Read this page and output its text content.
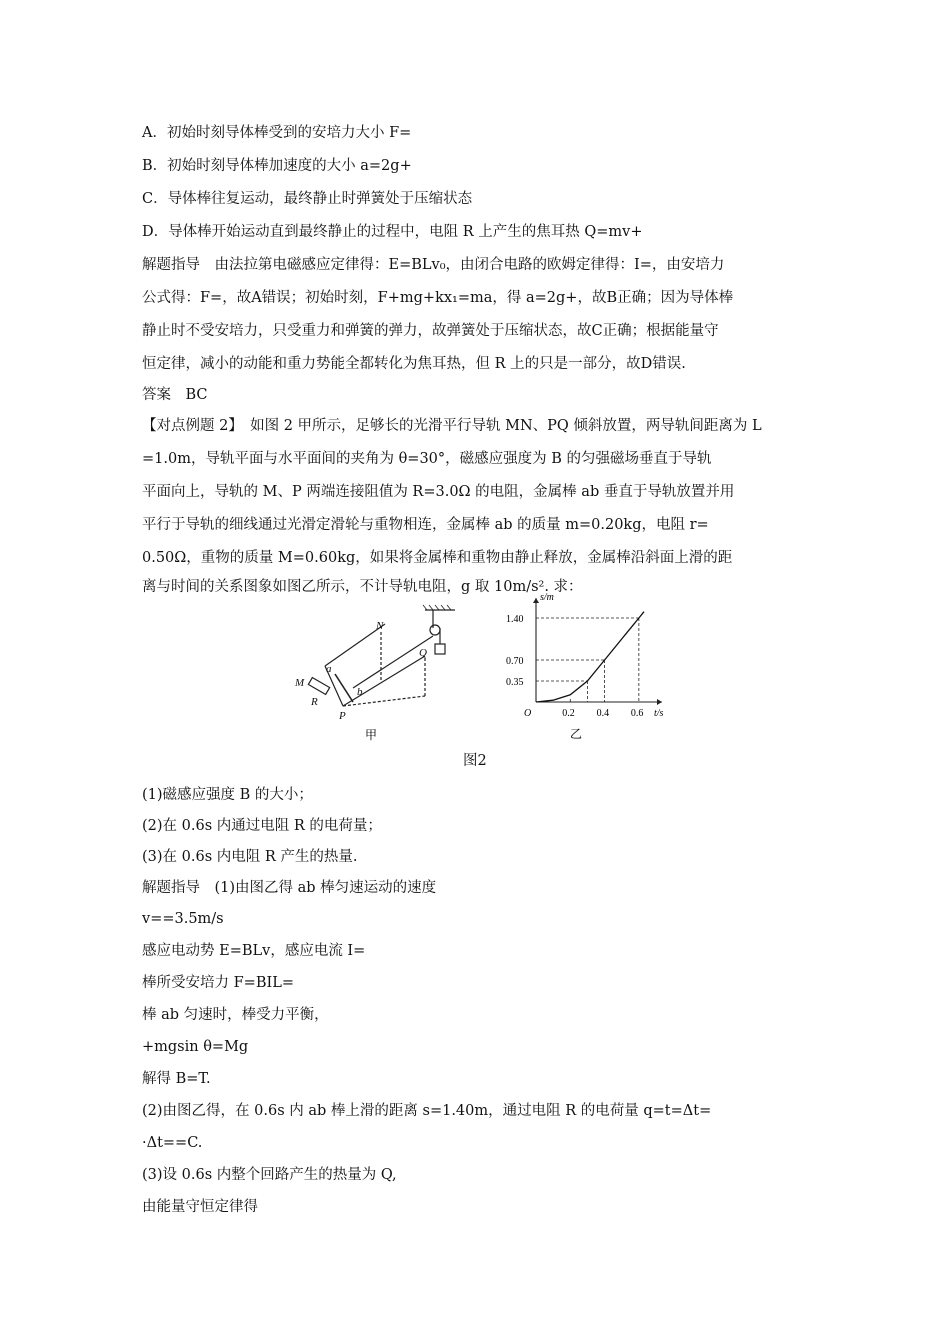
A．初始时刻导体棒受到的安培力大小 F=
B．初始时刻导体棒加速度的大小 a=2g+
C．导体棒往复运动，最终静止时弹簧处于压缩状态
D．导体棒开始运动直到最终静止的过程中，电阻 R 上产生的焦耳热 Q=mv+
解题指导　由法拉第电磁感应定律得：E=BLv₀，由闭合电路的欧姆定律得：I=，由安培力
公式得：F=，故A错误；初始时刻，F+mg+kx₁=ma，得 a=2g+，故B正确；因为导体棒
静止时不受安培力，只受重力和弹簧的弹力，故弹簧处于压缩状态，故C正确；根据能量守
恒定律，减小的动能和重力势能全都转化为焦耳热，但 R 上的只是一部分，故D错误.
答案　BC
【对点例题 2】　如图 2 甲所示，足够长的光滑平行导轨 MN、PQ 倾斜放置，两导轨间距离为 L
=1.0m，导轨平面与水平面间的夹角为 θ=30°，磁感应强度为 B 的匀强磁场垂直于导轨
平面向上，导轨的 M、P 两端连接阻值为 R=3.0Ω 的电阻，金属棒 ab 垂直于导轨放置并用
平行于导轨的细线通过光滑定滑轮与重物相连，金属棒 ab 的质量 m=0.20kg，电阻 r=
0.50Ω，重物的质量 M=0.60kg，如果将金属棒和重物由静止释放，金属棒沿斜面上滑的距
离与时间的关系图象如图乙所示，不计导轨电阻，g 取 10m/s². 求：
N
Q
a
b
M
R
P
甲
t/s
s/m
O	0.2 0.4 0.6
0.35
0.70
1.40
乙
图2
(1)磁感应强度 B 的大小；
(2)在 0.6s 内通过电阻 R 的电荷量；
(3)在 0.6s 内电阻 R 产生的热量.
解题指导　(1)由图乙得 ab 棒匀速运动的速度
v==3.5m/s
感应电动势 E=BLv，感应电流 I=
棒所受安培力 F=BIL=
棒 ab 匀速时，棒受力平衡，
+mgsin θ=Mg
解得 B=T.
(2)由图乙得，在 0.6s 内 ab 棒上滑的距离 s=1.40m，通过电阻 R 的电荷量 q=t=Δt=
·Δt==C.
(3)设 0.6s 内整个回路产生的热量为 Q,
由能量守恒定律得
